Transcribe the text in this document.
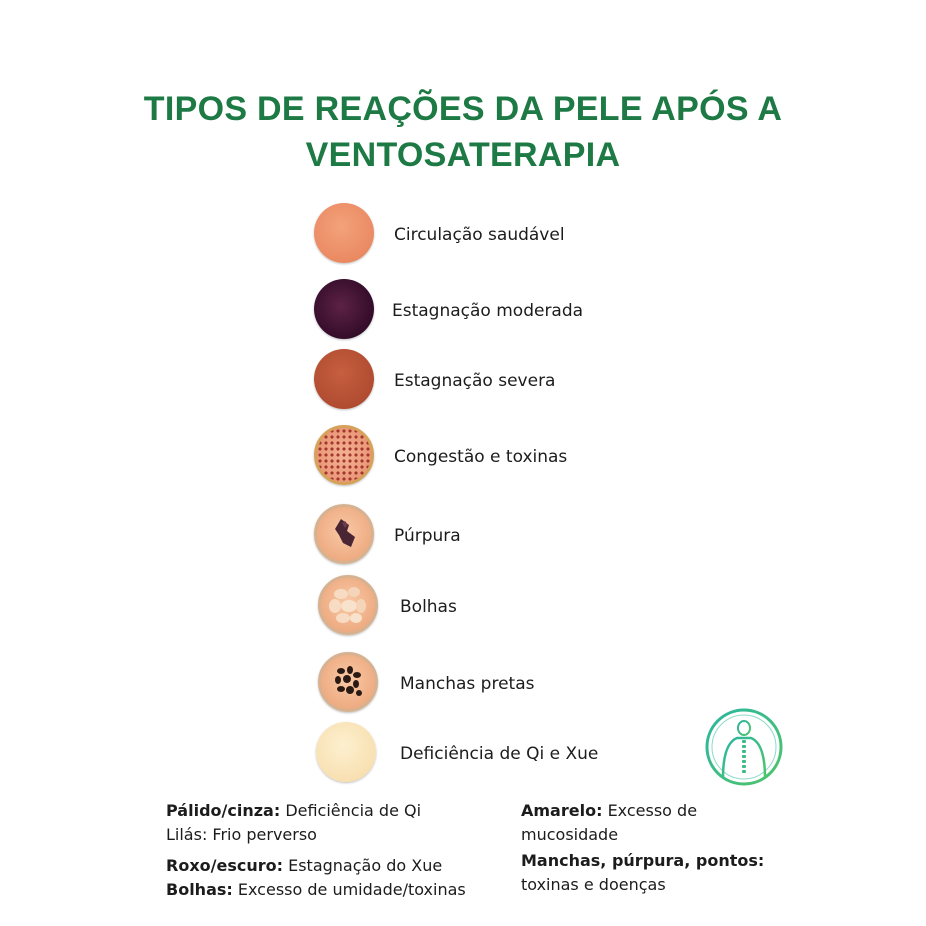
TIPOS DE REAÇÕES DA PELE APÓS A
VENTOSATERAPIA
Circulação saudável
Estagnação moderada
Estagnação severa
Congestão e toxinas
Púrpura
Bolhas
Manchas pretas
Deficiência de Qi e Xue
Pálido/cinza: Deficiência de Qi
Lilás: Frio perverso
Roxo/escuro: Estagnação do Xue
Bolhas: Excesso de umidade/toxinas
Amarelo: Excesso de
mucosidade
Manchas, púrpura, pontos:
toxinas e doenças
